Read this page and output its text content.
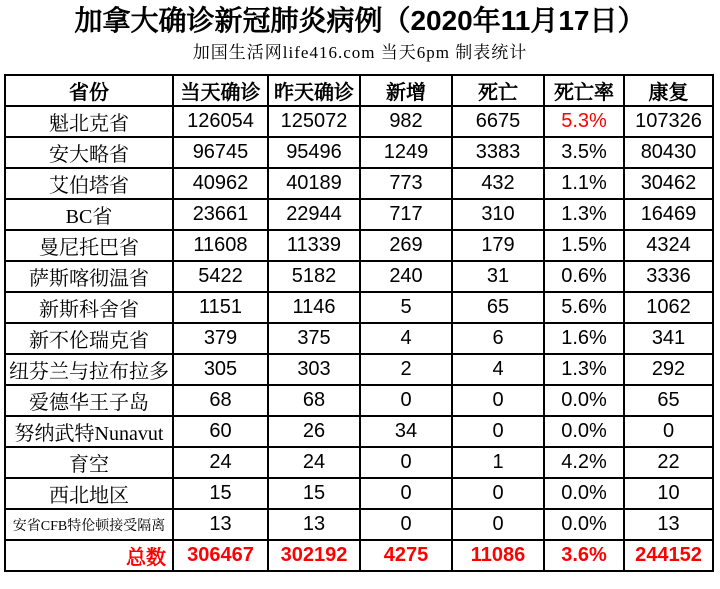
加拿大确诊新冠肺炎病例（2020年11月17日）
加国生活网life416.com 当天6pm 制表统计
省份	当天确诊	昨天确诊	新增	死亡	死亡率	康复
魁北克省	126054	125072	982	6675	5.3%	107326
安大略省	96745	95496	1249	3383	3.5%	80430
艾伯塔省	40962	40189	773	432	1.1%	30462
BC省	23661	22944	717	310	1.3%	16469
曼尼托巴省	11608	11339	269	179	1.5%	4324
萨斯喀彻温省	5422	5182	240	31	0.6%	3336
新斯科舍省	1151	1146	5	65	5.6%	1062
新不伦瑞克省	379	375	4	6	1.6%	341
纽芬兰与拉布拉多	305	303	2	4	1.3%	292
爱德华王子岛	68	68	0	0	0.0%	65
努纳武特Nunavut	60	26	34	0	0.0%	0
育空	24	24	0	1	4.2%	22
西北地区	15	15	0	0	0.0%	10
安省CFB特伦顿接受隔离	13	13	0	0	0.0%	13
总数	306467	302192	4275	11086	3.6%	244152
